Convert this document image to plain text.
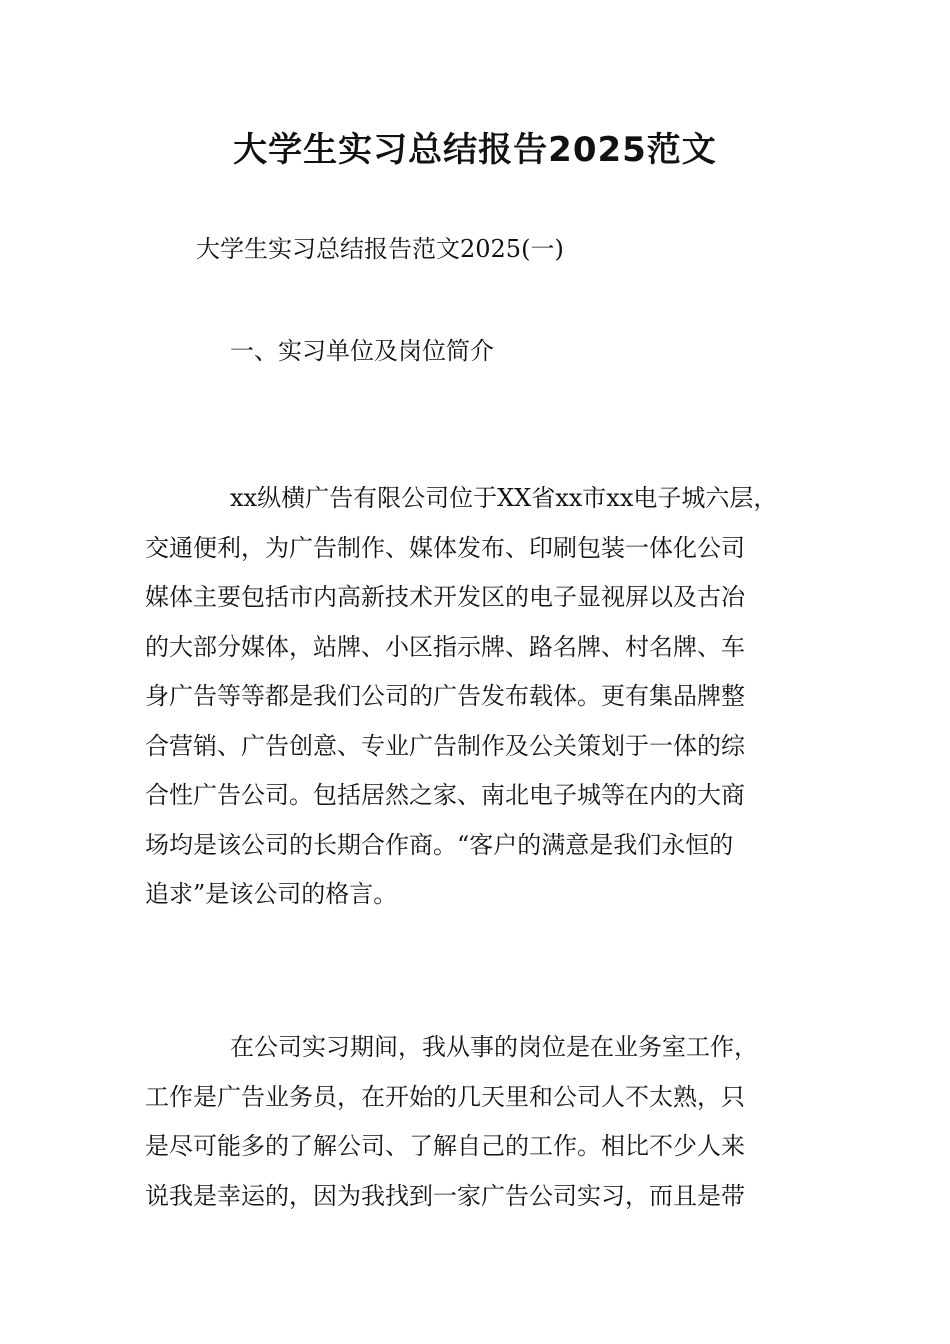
大学生实习总结报告2025范文

大学生实习总结报告范文2025(一)

一、实习单位及岗位简介

xx纵横广告有限公司位于XX省xx市xx电子城六层，
交通便利，为广告制作、媒体发布、印刷包装一体化公司
媒体主要包括市内高新技术开发区的电子显视屏以及古冶
的大部分媒体，站牌、小区指示牌、路名牌、村名牌、车
身广告等等都是我们公司的广告发布载体。更有集品牌整
合营销、广告创意、专业广告制作及公关策划于一体的综
合性广告公司。包括居然之家、南北电子城等在内的大商
场均是该公司的长期合作商。“客户的满意是我们永恒的
追求”是该公司的格言。
在公司实习期间，我从事的岗位是在业务室工作，
工作是广告业务员，在开始的几天里和公司人不太熟，只
是尽可能多的了解公司、了解自己的工作。相比不少人来
说我是幸运的，因为我找到一家广告公司实习，而且是带
